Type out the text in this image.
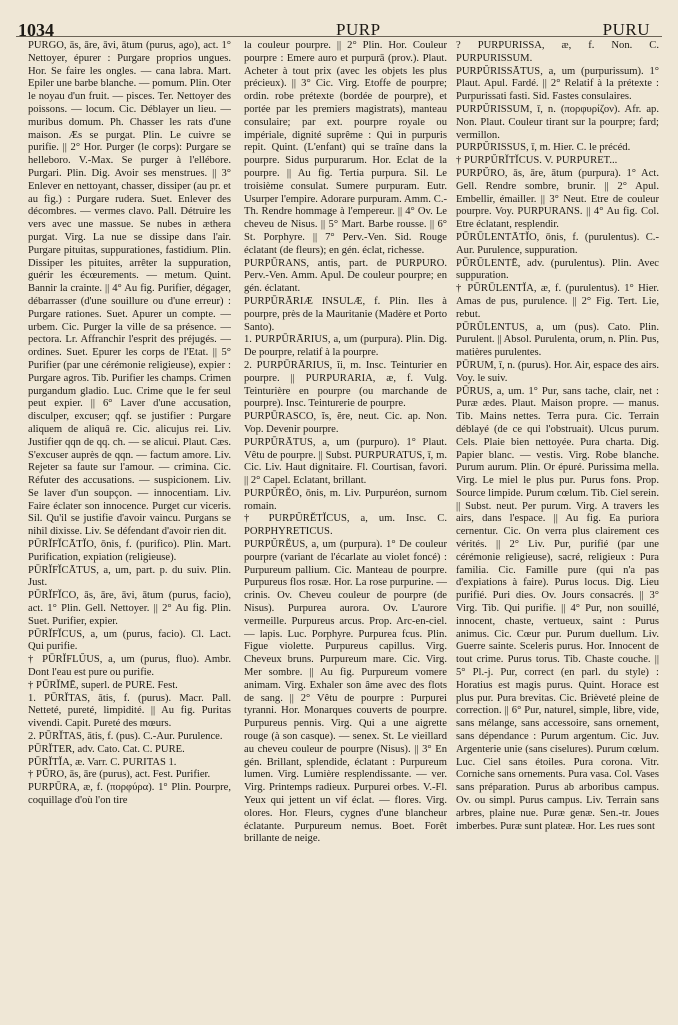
1034	PURP	PURU

PURGO, ās, āre, āvi, ātum (purus, ago), act. 1° Nettoyer, épurer : Purgare proprios ungues. Hor. Se faire les ongles. — cana labra. Mart. Epiler une barbe blanche. — pomum. Plin. Oter le noyau d'un fruit. — pisces. Ter. Nettoyer des poissons. — locum. Cic. Déblayer un lieu. — muribus domum. Ph. Chasser les rats d'une maison. Æs se purgat. Plin. Le cuivre se purifie. || 2° Hor. Purger (le corps): Purgare se helleboro. V.-Max. Se purger à l'ellébore. Purgari. Plin. Dig. Avoir ses menstrues. || 3° Enlever en nettoyant, chasser, dissiper (au pr. et au fig.) : Purgare rudera. Suet. Enlever des décombres. — vermes clavo. Pall. Détruire les vers avec une massue. Se nubes in æthera purgat. Virg. La nue se dissipe dans l'air. Purgare pituitas, suppurationes, fastidium. Plin. Dissiper les pituites, arrêter la suppuration, guérir les écœurements. — metum. Quint. Bannir la crainte. || 4° Au fig. Purifier, dégager, débarrasser (d'une souillure ou d'une erreur) : Purgare rationes. Suet. Apurer un compte. — urbem. Cic. Purger la ville de sa présence. — pectora. Lr. Affranchir l'esprit des préjugés. — ordines. Suet. Epurer les corps de l'Etat. || 5° Purifier (par une cérémonie religieuse), expier : Purgare agros. Tib. Purifier les champs. Crimen purgandum gladio. Luc. Crime que le fer seul peut expier. || 6° Laver d'une accusation, disculper, excuser; qqf. se justifier : Purgare aliquem de aliquâ re. Cic. alicujus rei. Liv. Justifier qqn de qq. ch. — se alicui. Plaut. Cæs. S'excuser auprès de qqn. — factum amore. Liv. Rejeter sa faute sur l'amour. — crimina. Cic. Réfuter des accusations. — suspicionem. Liv. Se laver d'un soupçon. — innocentiam. Liv. Faire éclater son innocence. Purget cur viceris. Sil. Qu'il se justifie d'avoir vaincu. Purgans se nihil dixisse. Liv. Se défendant d'avoir rien dit.

PŪRĬFĬCĀTĬO, ōnis, f. (purifico). Plin. Mart. Purification, expiation (religieuse).

PŪRĬFĬCĀTUS, a, um, part. p. du suiv. Plin. Just.

PŪRĬFĬCO, ās, āre, āvi, ātum (purus, facio), act. 1° Plin. Gell. Nettoyer. || 2° Au fig. Plin. Suet. Purifier, expier.

PŪRĬFĬCUS, a, um (purus, facio). Cl. Lact. Qui purifie.

† PŪRĬFLŬUS, a, um (purus, fluo). Ambr. Dont l'eau est pure ou purifie.

† PŪRĬMĒ, superl. de PURE. Fest.

1. PŪRĬTAS, ātis, f. (purus). Macr. Pall. Netteté, pureté, limpidité. || Au fig. Puritas vivendi. Capit. Pureté des mœurs.

2. PŪRĬTAS, ātis, f. (pus). C.-Aur. Purulence.

PŪRĬTER, adv. Cato. Cat. C. PURE.

PŪRĬTĬA, æ. Varr. C. PURITAS 1.

† PŪRO, ās, āre (purus), act. Fest. Purifier.

PURPŪRA, æ, f. (πορφύρα). 1° Plin. Pourpre, coquillage d'où l'on tire

la couleur pourpre. || 2° Plin. Hor. Couleur pourpre : Emere auro et purpurā (prov.). Plaut. Acheter à tout prix (avec les objets les plus précieux). || 3° Cic. Virg. Etoffe de pourpre; ordin. robe prétexte (bordée de pourpre), et portée par les premiers magistrats), manteau consulaire; par ext. pourpre royale ou impériale, dignité suprême : Qui in purpuris repit. Quint. (L'enfant) qui se traîne dans la pourpre. Sidus purpurarum. Hor. Eclat de la pourpre. || Au fig. Tertia purpura. Sil. Le troisième consulat. Sumere purpuram. Eutr. Usurper l'empire. Adorare purpuram. Amm. C.-Th. Rendre hommage à l'empereur. || 4° Ov. Le cheveu de Nisus. || 5° Mart. Barbe rousse. || 6° St. Porphyre. || 7° Perv.-Ven. Sid. Rouge éclatant (de fleurs); en gén. éclat, richesse.

PURPŪRANS, antis, part. de PURPURO. Perv.-Ven. Amm. Apul. De couleur pourpre; en gén. éclatant.

PURPŪRĀRIÆ INSULÆ, f. Plin. Iles à pourpre, près de la Mauritanie (Madère et Porto Santo).

1. PURPŪRĀRIUS, a, um (purpura). Plin. Dig. De pourpre, relatif à la pourpre.

2. PURPŪRĀRIUS, ĭi, m. Insc. Teinturier en pourpre. || PURPURARIA, æ, f. Vulg. Teinturière en pourpre (ou marchande de pourpre). Insc. Teinturerie de pourpre.

PURPŪRASCO, ĭs, ĕre, neut. Cic. ap. Non. Vop. Devenir pourpre.

PURPŪRĀTUS, a, um (purpuro). 1° Plaut. Vêtu de pourpre. || Subst. PURPURATUS, ī, m. Cic. Liv. Haut dignitaire. Fl. Courtisan, favori. || 2° Capel. Eclatant, brillant.

PURPŬRĔO, ōnis, m. Liv. Purpuréon, surnom romain.

† PURPŬRĔTĬCUS, a, um. Insc. C. PORPHYRETICUS.

PURPŬRĔUS, a, um (purpura). 1° De couleur pourpre (variant de l'écarlate au violet foncé) : Purpureum pallium. Cic. Manteau de pourpre. Purpureus flos rosæ. Hor. La rose purpurine. — crinis. Ov. Cheveu couleur de pourpre (de Nisus). Purpurea aurora. Ov. L'aurore vermeille. Purpureus arcus. Prop. Arc-en-ciel. — lapis. Luc. Porphyre. Purpurea fcus. Plin. Figue violette. Purpureus capillus. Virg. Cheveux bruns. Purpureum mare. Cic. Virg. Mer sombre. || Au fig. Purpureum vomere animam. Virg. Exhaler son âme avec des flots de sang. || 2° Vêtu de pourpre : Purpurei tyranni. Hor. Monarques couverts de pourpre. Purpureus pennis. Virg. Qui a une aigrette rouge (à son casque). — senex. St. Le vieillard au cheveu couleur de pourpre (Nisus). || 3° En gén. Brillant, splendide, éclatant : Purpureum lumen. Virg. Lumière resplendissante. — ver. Virg. Printemps radieux. Purpurei orbes. V.-Fl. Yeux qui jettent un vif éclat. — flores. Virg. olores. Hor. Fleurs, cygnes d'une blancheur éclatante. Purpureum nemus. Boet. Forêt brillante de neige.

? PURPŬRISSA, æ, f. Non. C. PURPURISSUM.

PURPŬRISSĀTUS, a, um (purpurissum). 1° Plaut. Apul. Fardé. || 2° Relatif à la prétexte : Purpurissati fasti. Sid. Fastes consulaires.

PURPŬRISSUM, ī, n. (πορφυρίζον). Afr. ap. Non. Plaut. Couleur tirant sur la pourpre; fard; vermillon.

PURPŬRISSUS, ī, m. Hier. C. le précéd.

† PURPŬRĬTĬCUS. V. PURPURET...

PURPŬRO, ās, āre, ātum (purpura). 1° Act. Gell. Rendre sombre, brunir. || 2° Apul. Embellir, émailler. || 3° Neut. Etre de couleur pourpre. Voy. PURPURANS. || 4° Au fig. Col. Etre éclatant, resplendir.

PŪRŪLENTĀTĬO, ōnis, f. (purulentus). C.-Aur. Purulence, suppuration.

PŪRŪLENTĒ, adv. (purulentus). Plin. Avec suppuration.

† PŪRŪLENTĬA, æ, f. (purulentus). 1° Hier. Amas de pus, purulence. || 2° Fig. Tert. Lie, rebut.

PŪRŪLENTUS, a, um (pus). Cato. Plin. Purulent. || Absol. Purulenta, orum, n. Plin. Pus, matières purulentes.

PŪRUM, ī, n. (purus). Hor. Air, espace des airs. Voy. le suiv.

PŪRUS, a, um. 1° Pur, sans tache, clair, net : Puræ ædes. Plaut. Maison propre. — manus. Tib. Mains nettes. Terra pura. Cic. Terrain déblayé (de ce qui l'obstruait). Ulcus purum. Cels. Plaie bien nettoyée. Pura charta. Dig. Papier blanc. — vestis. Virg. Robe blanche. Purum aurum. Plin. Or épuré. Purissima mella. Virg. Le miel le plus pur. Purus fons. Prop. Source limpide. Purum cœlum. Tib. Ciel serein. || Subst. neut. Per purum. Virg. A travers les airs, dans l'espace. || Au fig. Ea puriora cernentur. Cic. On verra plus clairement ces vérités. || 2° Liv. Pur, purifié (par une cérémonie religieuse), sacré, religieux : Pura familia. Cic. Famille pure (qui n'a pas d'expiations à faire). Purus locus. Dig. Lieu purifié. Puri dies. Ov. Jours consacrés. || 3° Virg. Tib. Qui purifie. || 4° Pur, non souillé, innocent, chaste, vertueux, saint : Purus animus. Cic. Cœur pur. Purum duellum. Liv. Guerre sainte. Sceleris purus. Hor. Innocent de tout crime. Purus torus. Tib. Chaste couche. || 5° Pl.-j. Pur, correct (en parl. du style) : Horatius est magis purus. Quint. Horace est plus pur. Pura brevitas. Cic. Brièveté pleine de correction. || 6° Pur, naturel, simple, libre, vide, sans mélange, sans accessoire, sans ornement, sans dépendance : Purum argentum. Cic. Juv. Argenterie unie (sans ciselures). Purum cœlum. Luc. Ciel sans étoiles. Pura corona. Vitr. Corniche sans ornements. Pura vasa. Col. Vases sans préparation. Purus ab arboribus campus. Ov. ou simpl. Purus campus. Liv. Terrain sans arbres, plaine nue. Puræ genæ. Sen.-tr. Joues imberbes. Puræ sunt plateæ. Hor. Les rues sont
